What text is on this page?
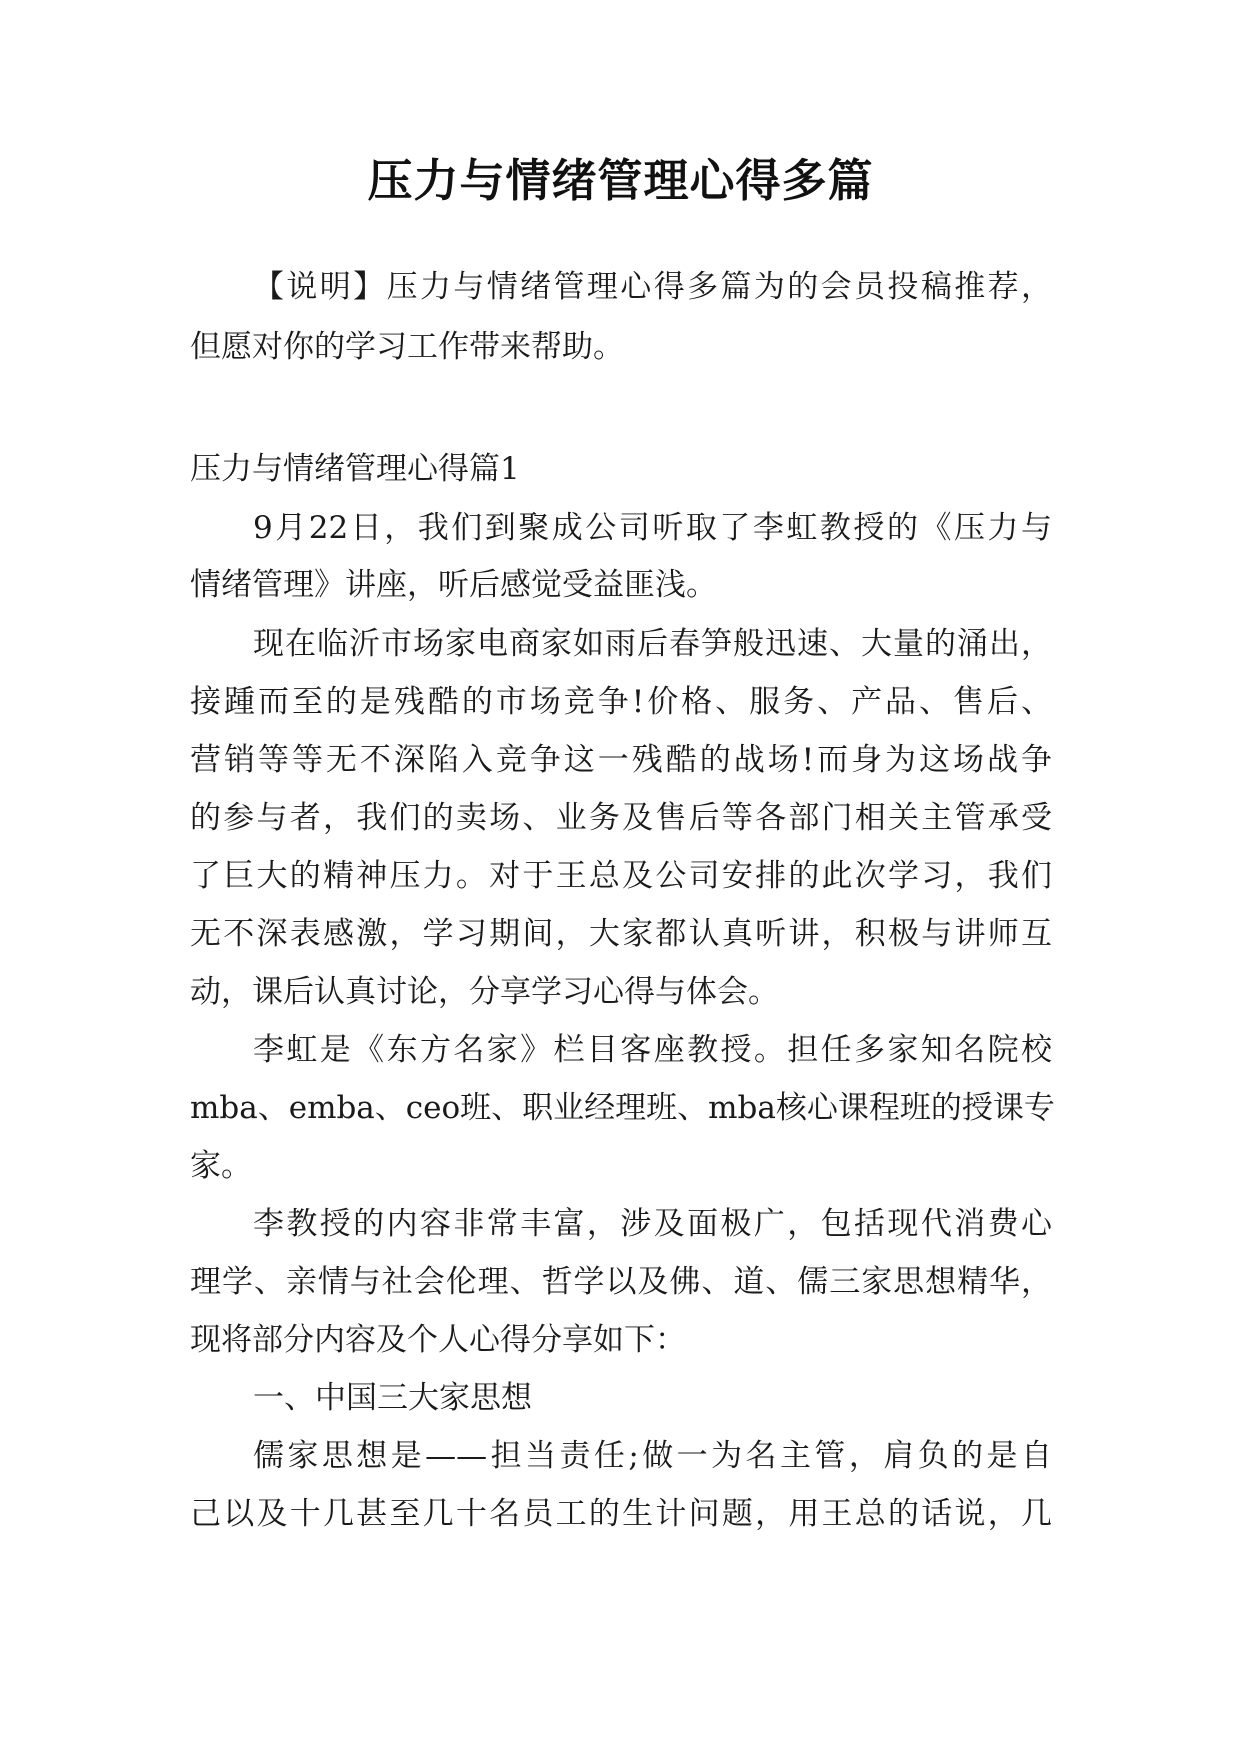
压力与情绪管理心得多篇
【说明】压力与情绪管理心得多篇为的会员投稿推荐，
但愿对你的学习工作带来帮助。
压力与情绪管理心得篇1
9月22日，我们到聚成公司听取了李虹教授的《压力与
情绪管理》讲座，听后感觉受益匪浅。
现在临沂市场家电商家如雨后春笋般迅速、大量的涌出，
接踵而至的是残酷的市场竞争!价格、服务、产品、售后、
营销等等无不深陷入竞争这一残酷的战场!而身为这场战争
的参与者，我们的卖场、业务及售后等各部门相关主管承受
了巨大的精神压力。对于王总及公司安排的此次学习，我们
无不深表感激，学习期间，大家都认真听讲，积极与讲师互
动，课后认真讨论，分享学习心得与体会。
李虹是《东方名家》栏目客座教授。担任多家知名院校
mba、emba、ceo班、职业经理班、mba核心课程班的授课专
家。
李教授的内容非常丰富，涉及面极广，包括现代消费心
理学、亲情与社会伦理、哲学以及佛、道、儒三家思想精华，
现将部分内容及个人心得分享如下：
一、中国三大家思想
儒家思想是——担当责任;做一为名主管，肩负的是自
己以及十几甚至几十名员工的生计问题，用王总的话说，几
